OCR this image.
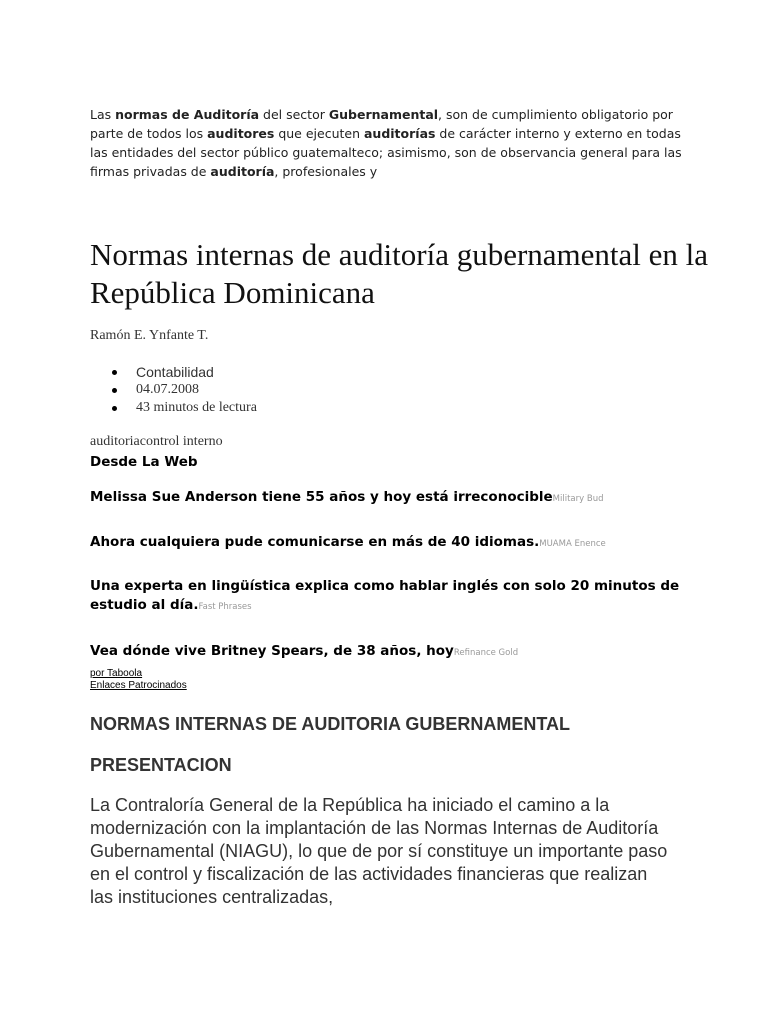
Las normas de Auditoría del sector Gubernamental, son de cumplimiento obligatorio por parte de todos los auditores que ejecuten auditorías de carácter interno y externo en todas las entidades del sector público guatemalteco; asimismo, son de observancia general para las firmas privadas de auditoría, profesionales y

Normas internas de auditoría gubernamental en la República Dominicana

Ramón E. Ynfante T.

Contabilidad
04.07.2008
43 minutos de lectura

auditoriacontrol interno

Desde La Web

Melissa Sue Anderson tiene 55 años y hoy está irreconocibleMilitary Bud

Ahora cualquiera pude comunicarse en más de 40 idiomas.MUAMA Enence

Una experta en lingüística explica como hablar inglés con solo 20 minutos de estudio al día.Fast Phrases

Vea dónde vive Britney Spears, de 38 años, hoyRefinance Gold

por Taboola
Enlaces Patrocinados
NORMAS INTERNAS DE AUDITORIA GUBERNAMENTAL
PRESENTACION

La Contraloría General de la República ha iniciado el camino a la modernización con la implantación de las Normas Internas de Auditoría Gubernamental (NIAGU), lo que de por sí constituye un importante paso en el control y fiscalización de las actividades financieras que realizan las instituciones centralizadas,
